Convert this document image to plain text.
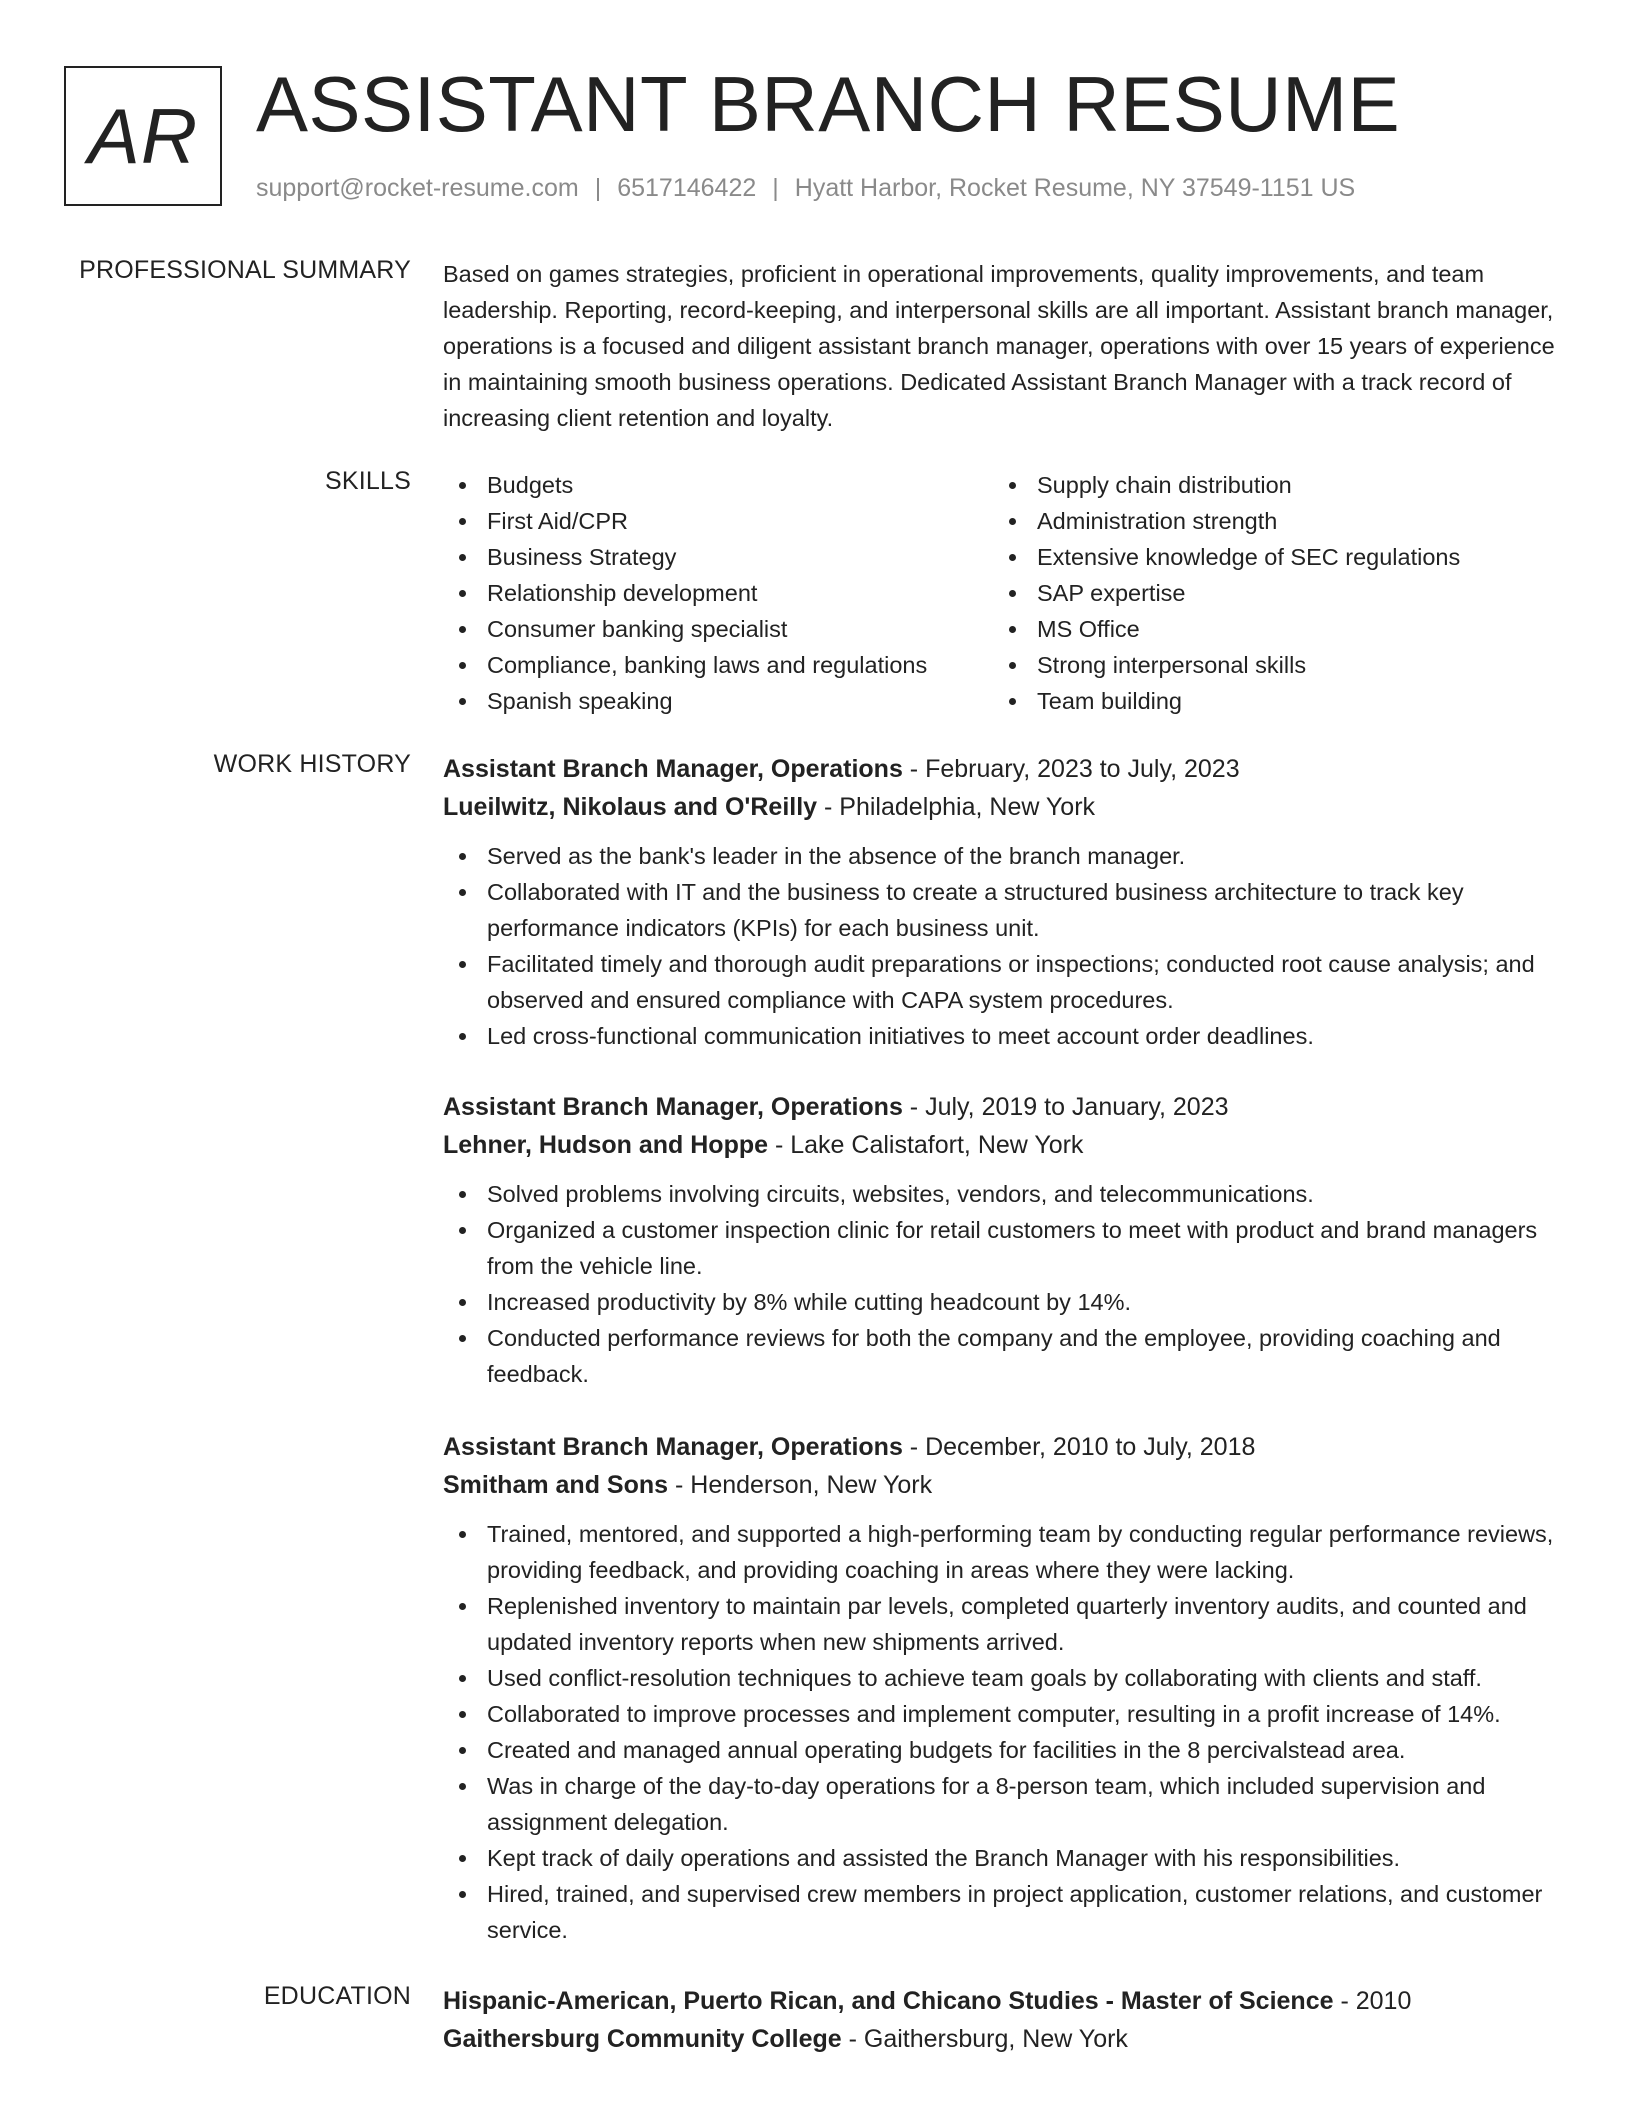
AR ASSISTANT BRANCH RESUME
support@rocket-resume.com | 6517146422 | Hyatt Harbor, Rocket Resume, NY 37549-1151 US
PROFESSIONAL SUMMARY Based on games strategies, proficient in operational improvements, quality improvements, and team leadership. Reporting, record-keeping, and interpersonal skills are all important. Assistant branch manager, operations is a focused and diligent assistant branch manager, operations with over 15 years of experience in maintaining smooth business operations. Dedicated Assistant Branch Manager with a track record of increasing client retention and loyalty.

SKILLS	Budgets
First Aid/CPR
Business Strategy
Relationship development
Consumer banking specialist
Compliance, banking laws and regulations
Spanish speaking
Supply chain distribution
Administration strength
Extensive knowledge of SEC regulations
SAP expertise
MS Office
Strong interpersonal skills
Team building
WORK HISTORY Assistant Branch Manager, Operations - February, 2023 to July, 2023
Lueilwitz, Nikolaus and O'Reilly - Philadelphia, New York
Served as the bank's leader in the absence of the branch manager.
Collaborated with IT and the business to create a structured business architecture to track key performance indicators (KPIs) for each business unit.
Facilitated timely and thorough audit preparations or inspections; conducted root cause analysis; and observed and ensured compliance with CAPA system procedures.
Led cross-functional communication initiatives to meet account order deadlines.
Assistant Branch Manager, Operations - July, 2019 to January, 2023
Lehner, Hudson and Hoppe - Lake Calistafort, New York
Solved problems involving circuits, websites, vendors, and telecommunications.
Organized a customer inspection clinic for retail customers to meet with product and brand managers from the vehicle line.
Increased productivity by 8% while cutting headcount by 14%.
Conducted performance reviews for both the company and the employee, providing coaching and feedback.
Assistant Branch Manager, Operations - December, 2010 to July, 2018
Smitham and Sons - Henderson, New York
Trained, mentored, and supported a high-performing team by conducting regular performance reviews, providing feedback, and providing coaching in areas where they were lacking.
Replenished inventory to maintain par levels, completed quarterly inventory audits, and counted and updated inventory reports when new shipments arrived.
Used conflict-resolution techniques to achieve team goals by collaborating with clients and staff.
Collaborated to improve processes and implement computer, resulting in a profit increase of 14%.
Created and managed annual operating budgets for facilities in the 8 percivalstead area.
Was in charge of the day-to-day operations for a 8-person team, which included supervision and assignment delegation.
Kept track of daily operations and assisted the Branch Manager with his responsibilities.
Hired, trained, and supervised crew members in project application, customer relations, and customer service.
EDUCATION Hispanic-American, Puerto Rican, and Chicano Studies - Master of Science - 2010
Gaithersburg Community College - Gaithersburg, New York
